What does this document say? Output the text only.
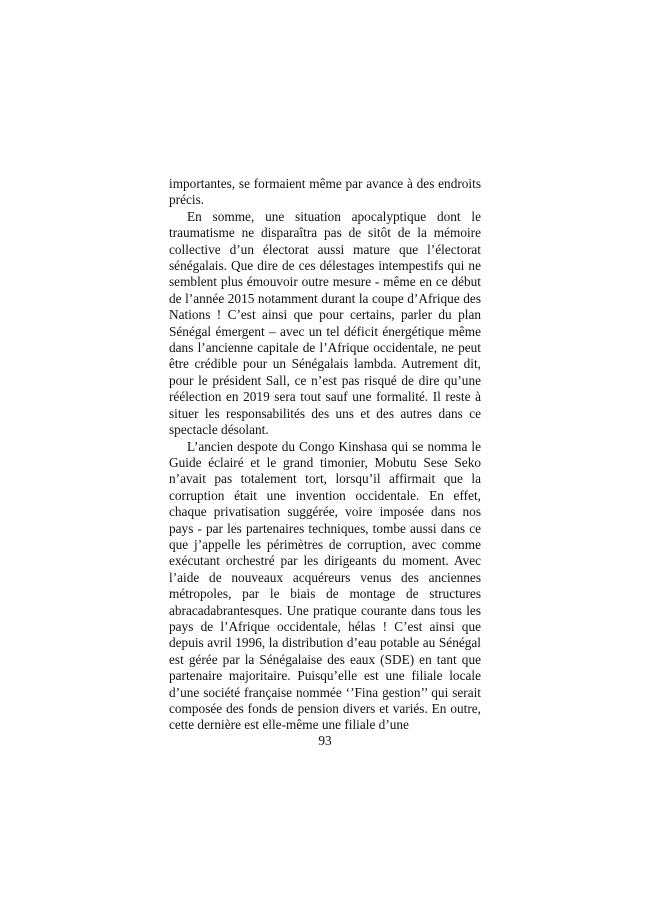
importantes, se formaient même par avance à des endroits précis.

En somme, une situation apocalyptique dont le traumatisme ne disparaîtra pas de sitôt de la mémoire collective d’un électorat aussi mature que l’électorat sénégalais. Que dire de ces délestages intempestifs qui ne semblent plus émouvoir outre mesure - même en ce début de l’année 2015 notamment durant la coupe d’Afrique des Nations ! C’est ainsi que pour certains, parler du plan Sénégal émergent – avec un tel déficit énergétique même dans l’ancienne capitale de l’Afrique occidentale, ne peut être crédible pour un Sénégalais lambda. Autrement dit, pour le président Sall, ce n’est pas risqué de dire qu’une réélection en 2019 sera tout sauf une formalité. Il reste à situer les responsabilités des uns et des autres dans ce spectacle désolant.

L’ancien despote du Congo Kinshasa qui se nomma le Guide éclairé et le grand timonier, Mobutu Sese Seko n’avait pas totalement tort, lorsqu’il affirmait que la corruption était une invention occidentale. En effet, chaque privatisation suggérée, voire imposée dans nos pays - par les partenaires techniques, tombe aussi dans ce que j’appelle les périmètres de corruption, avec comme exécutant orchestré par les dirigeants du moment. Avec l’aide de nouveaux acquéreurs venus des anciennes métropoles, par le biais de montage de structures abracadabrantesques. Une pratique courante dans tous les pays de l’Afrique occidentale, hélas ! C’est ainsi que depuis avril 1996, la distribution d’eau potable au Sénégal est gérée par la Sénégalaise des eaux (SDE) en tant que partenaire majoritaire. Puisqu’elle est une filiale locale d’une société française nommée ‘’Fina gestion’’ qui serait composée des fonds de pension divers et variés. En outre, cette dernière est elle-même une filiale d’une

93
